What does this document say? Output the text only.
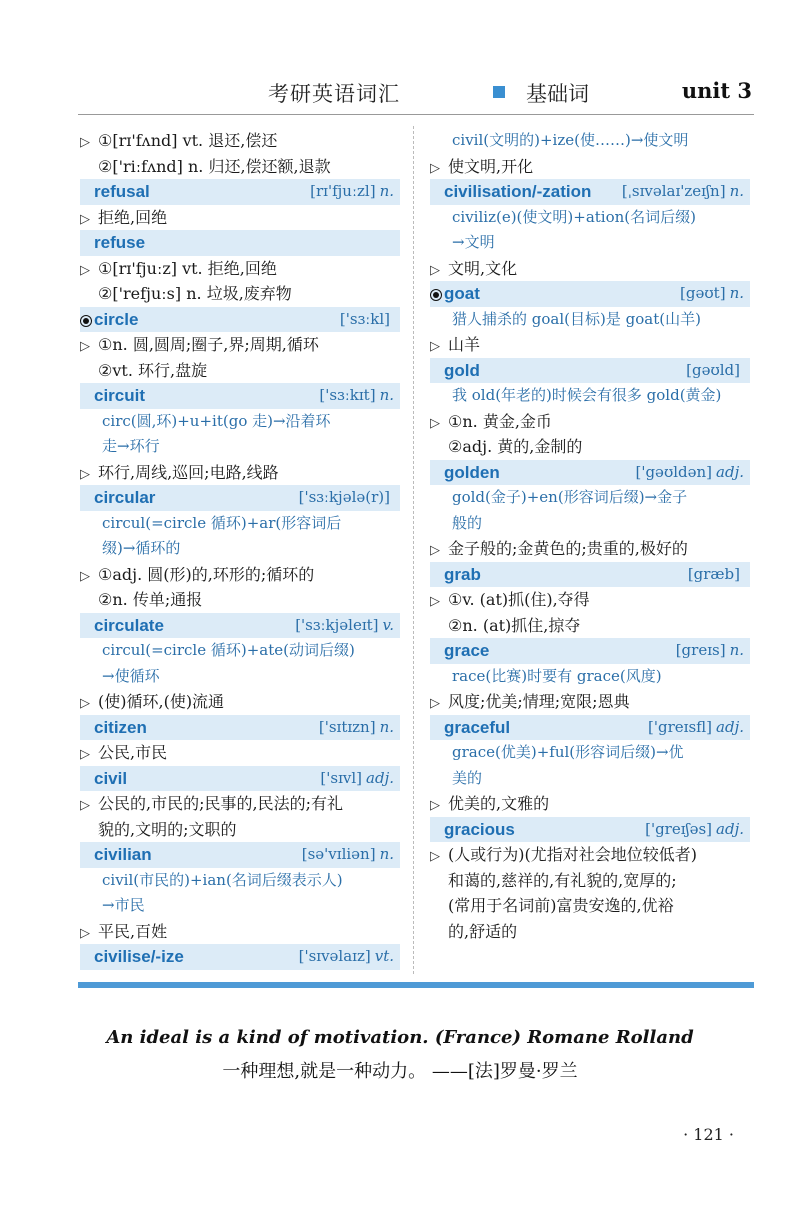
考研英语词汇	基础词	unit 3
▷ ①[rɪ'fʌnd] vt. 退还,偿还
②['riːfʌnd] n. 归还,偿还额,退款
refusal	[rɪ'fjuːzl] n.
▷ 拒绝,回绝
refuse
▷ ①[rɪ'fjuːz] vt. 拒绝,回绝
②['refjuːs] n. 垃圾,废弃物
circle	['sɜːkl]
▷ ①n. 圆,圆周;圈子,界;周期,循环
②vt. 环行,盘旋
circuit	['sɜːkɪt] n.
circ(圆,环)+u+it(go 走)→沿着环
走→环行
▷ 环行,周线,巡回;电路,线路
circular	['sɜːkjələ(r)]
circul(=circle 循环)+ar(形容词后
缀)→循环的
▷ ①adj. 圆(形)的,环形的;循环的
②n. 传单;通报
circulate	['sɜːkjəleɪt] v.
circul(=circle 循环)+ate(动词后缀)
→使循环
▷ (使)循环,(使)流通
citizen	['sɪtɪzn] n.
▷ 公民,市民
civil	['sɪvl] adj.
▷ 公民的,市民的;民事的,民法的;有礼
貌的,文明的;文职的
civilian	[sə'vɪliən] n.
civil(市民的)+ian(名词后缀表示人)
→市民
▷ 平民,百姓
civilise/-ize	['sɪvəlaɪz] vt.
civil(文明的)+ize(使……)→使文明
▷ 使文明,开化
civilisation/-zation [ˌsɪvəlaɪ'zeɪʃn] n.
civiliz(e)(使文明)+ation(名词后缀)
→文明
▷ 文明,文化
goat	[gəʊt] n.
猎人捕杀的 goal(目标)是 goat(山羊)
▷ 山羊
gold	[gəʊld]
我 old(年老的)时候会有很多 gold(黄金)
▷ ①n. 黄金,金币
②adj. 黄的,金制的
golden	['gəʊldən] adj.
gold(金子)+en(形容词后缀)→金子
般的
▷ 金子般的;金黄色的;贵重的,极好的
grab	[græb]
▷ ①v. (at)抓(住),夺得
②n. (at)抓住,掠夺
grace	[greɪs] n.
race(比赛)时要有 grace(风度)
▷ 风度;优美;情理;宽限;恩典
graceful	['greɪsfl] adj.
grace(优美)+ful(形容词后缀)→优
美的
▷ 优美的,文雅的
gracious	['greɪʃəs] adj.
▷ (人或行为)(尤指对社会地位较低者)
和蔼的,慈祥的,有礼貌的,宽厚的;
(常用于名词前)富贵安逸的,优裕
的,舒适的
An ideal is a kind of motivation. (France) Romane Rolland
一种理想,就是一种动力。 ——[法]罗曼·罗兰
· 121 ·
